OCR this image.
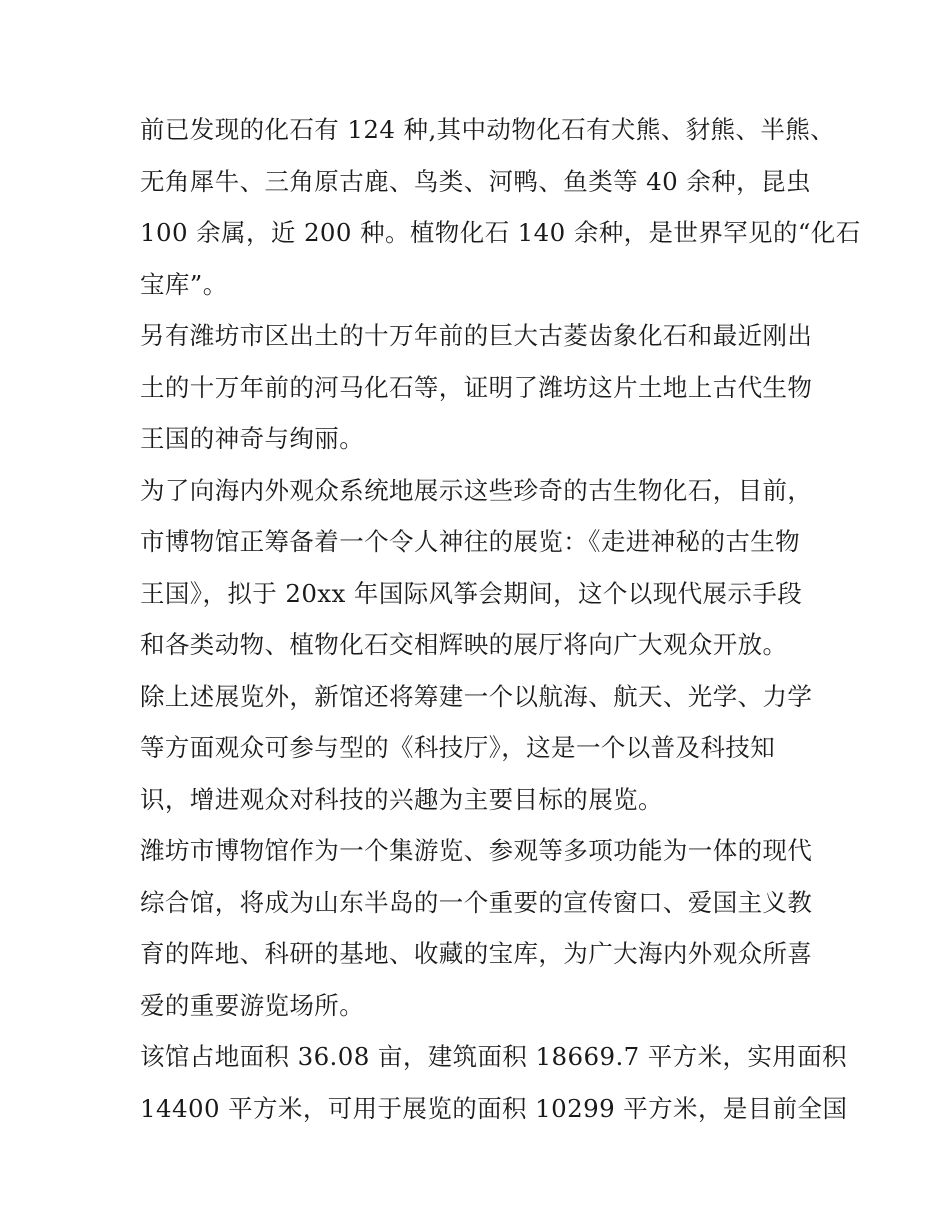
前已发现的化石有 124 种,其中动物化石有犬熊、豺熊、半熊、
无角犀牛、三角原古鹿、鸟类、河鸭、鱼类等 40 余种，昆虫
100 余属，近 200 种。植物化石 140 余种，是世界罕见的“化石
宝库”。

另有潍坊市区出土的十万年前的巨大古菱齿象化石和最近刚出
土的十万年前的河马化石等，证明了潍坊这片土地上古代生物
王国的神奇与绚丽。

为了向海内外观众系统地展示这些珍奇的古生物化石，目前，
市博物馆正筹备着一个令人神往的展览：《走进神秘的古生物
王国》，拟于 20xx 年国际风筝会期间，这个以现代展示手段
和各类动物、植物化石交相辉映的展厅将向广大观众开放。

除上述展览外，新馆还将筹建一个以航海、航天、光学、力学
等方面观众可参与型的《科技厅》，这是一个以普及科技知
识，增进观众对科技的兴趣为主要目标的展览。

潍坊市博物馆作为一个集游览、参观等多项功能为一体的现代
综合馆，将成为山东半岛的一个重要的宣传窗口、爱国主义教
育的阵地、科研的基地、收藏的宝库，为广大海内外观众所喜
爱的重要游览场所。

该馆占地面积 36.08 亩，建筑面积 18669.7 平方米，实用面积
14400 平方米，可用于展览的面积 10299 平方米，是目前全国
